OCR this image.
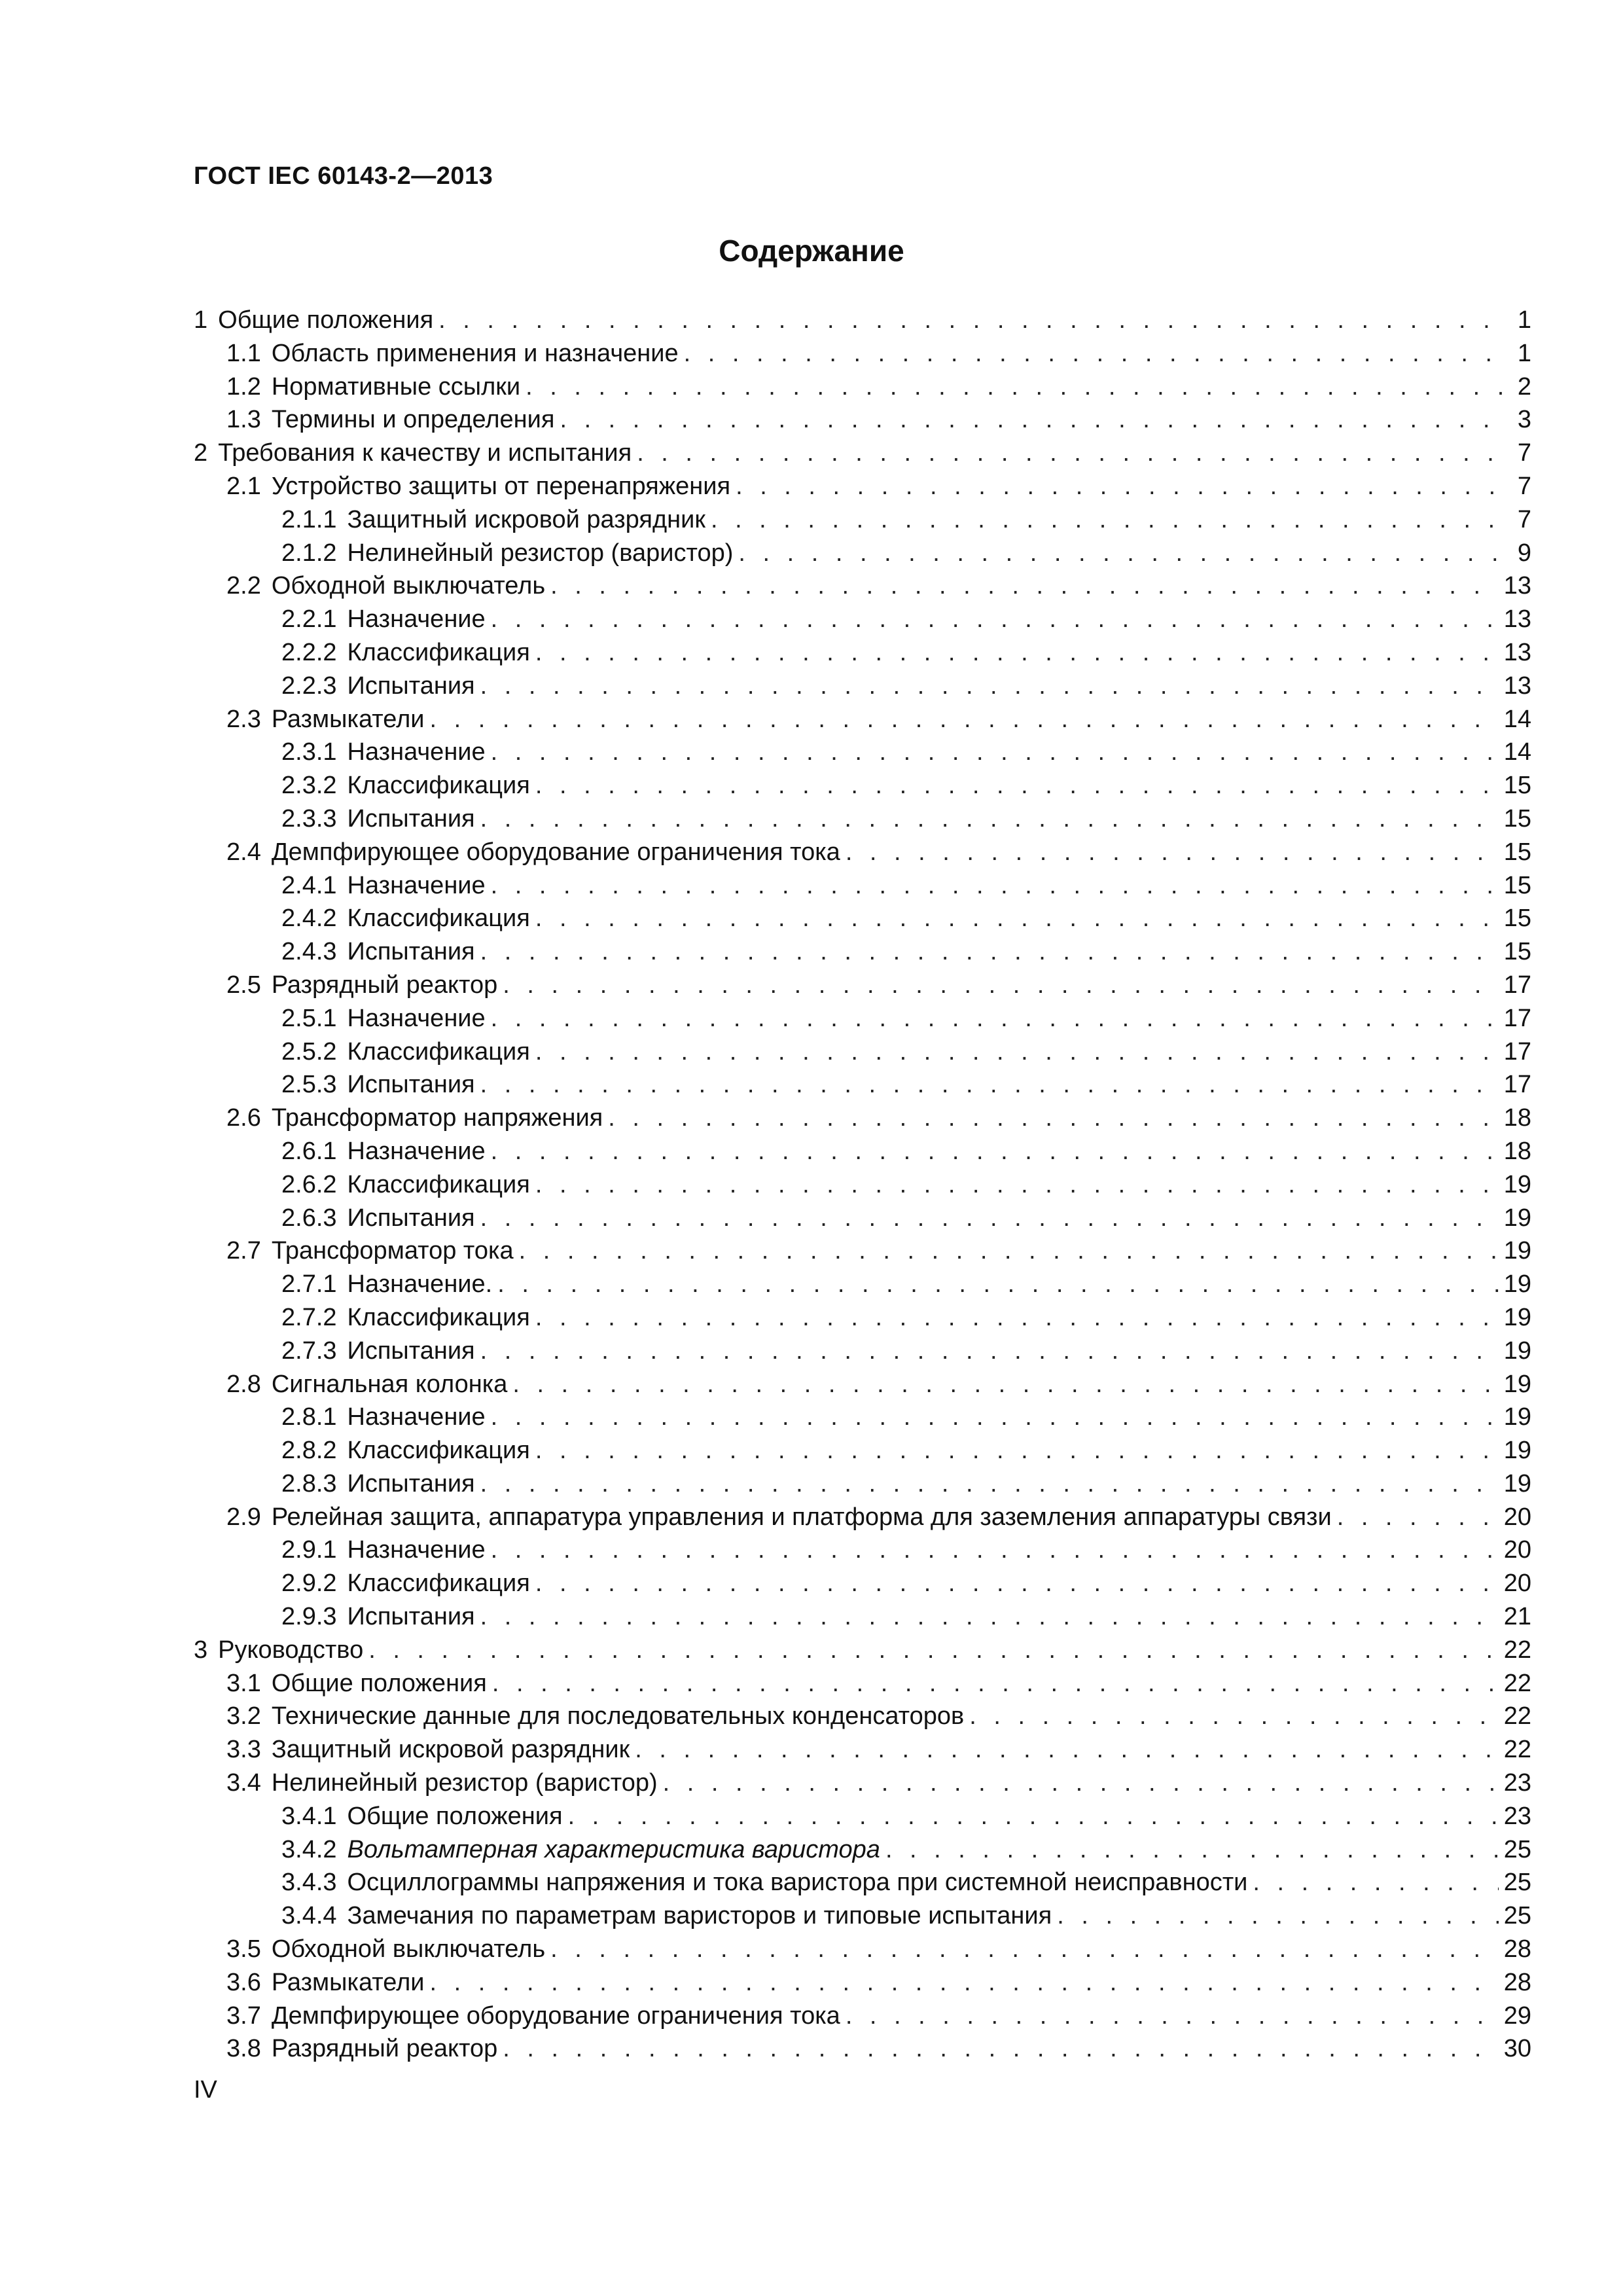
ГОСТ IEC 60143-2—2013
Содержание
1 Общие положения . . .	1
1.1 Область применения и назначение . . .	1
1.2 Нормативные ссылки . . .	2
1.3 Термины и определения . . .	3
2 Требования к качеству и испытания . . .	7
2.1 Устройство защиты от перенапряжения . . .	7
2.1.1 Защитный искровой разрядник . . .	7
2.1.2 Нелинейный резистор (варистор) . . .	9
2.2 Обходной выключатель . . .	13
2.2.1 Назначение . . .	13
2.2.2 Классификация . . .	13
2.2.3 Испытания . . .	13
2.3 Размыкатели . . .	14
2.3.1 Назначение . . .	14
2.3.2 Классификация . . .	15
2.3.3 Испытания . . .	15
2.4 Демпфирующее оборудование ограничения тока . . .	15
2.4.1 Назначение . . .	15
2.4.2 Классификация . . .	15
2.4.3 Испытания . . .	15
2.5 Разрядный реактор . . .	17
2.5.1 Назначение . . .	17
2.5.2 Классификация . . .	17
2.5.3 Испытания . . .	17
2.6 Трансформатор напряжения . . .	18
2.6.1 Назначение . . .	18
2.6.2 Классификация . . .	19
2.6.3 Испытания . . .	19
2.7 Трансформатор тока . . .	19
2.7.1 Назначение. . . .	19
2.7.2 Классификация . . .	19
2.7.3 Испытания . . .	19
2.8 Сигнальная колонка . . .	19
2.8.1 Назначение . . .	19
2.8.2 Классификация . . .	19
2.8.3 Испытания . . .	19
2.9 Релейная защита, аппаратура управления и платформа для заземления аппаратуры связи . . .	20
2.9.1 Назначение . . .	20
2.9.2 Классификация . . .	20
2.9.3 Испытания . . .	21
3 Руководство . . .	22
3.1 Общие положения . . .	22
3.2 Технические данные для последовательных конденсаторов . . .	22
3.3 Защитный искровой разрядник . . .	22
3.4 Нелинейный резистор (варистор) . . .	23
3.4.1 Общие положения . . .	23
3.4.2 Вольтамперная характеристика варистора . . .	25
3.4.3 Осциллограммы напряжения и тока варистора при системной неисправности . . .	25
3.4.4 Замечания по параметрам варисторов и типовые испытания . . .	25
3.5 Обходной выключатель . . .	28
3.6 Размыкатели . . .	28
3.7 Демпфирующее оборудование ограничения тока . . .	29
3.8 Разрядный реактор . . .	30
IV
